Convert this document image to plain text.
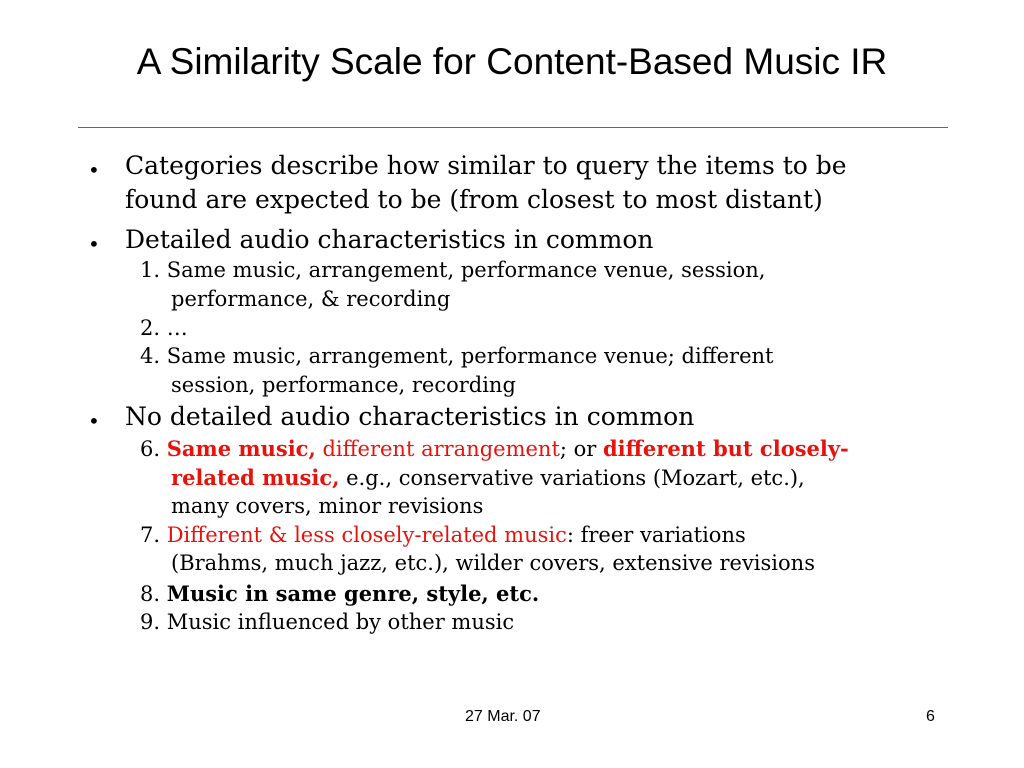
A Similarity Scale for Content-Based Music IR
• Categories describe how similar to query the items to be
found are expected to be (from closest to most distant)
• Detailed audio characteristics in common
1. Same music, arrangement, performance venue, session,
performance, & recording
2. …
4. Same music, arrangement, performance venue; different
session, performance, recording
• No detailed audio characteristics in common
6. Same music, different arrangement; or different but closely-
related music, e.g., conservative variations (Mozart, etc.),
many covers, minor revisions
7. Different & less closely-related music: freer variations
(Brahms, much jazz, etc.), wilder covers, extensive revisions
8. Music in same genre, style, etc.
9. Music influenced by other music
27 Mar. 07	6
